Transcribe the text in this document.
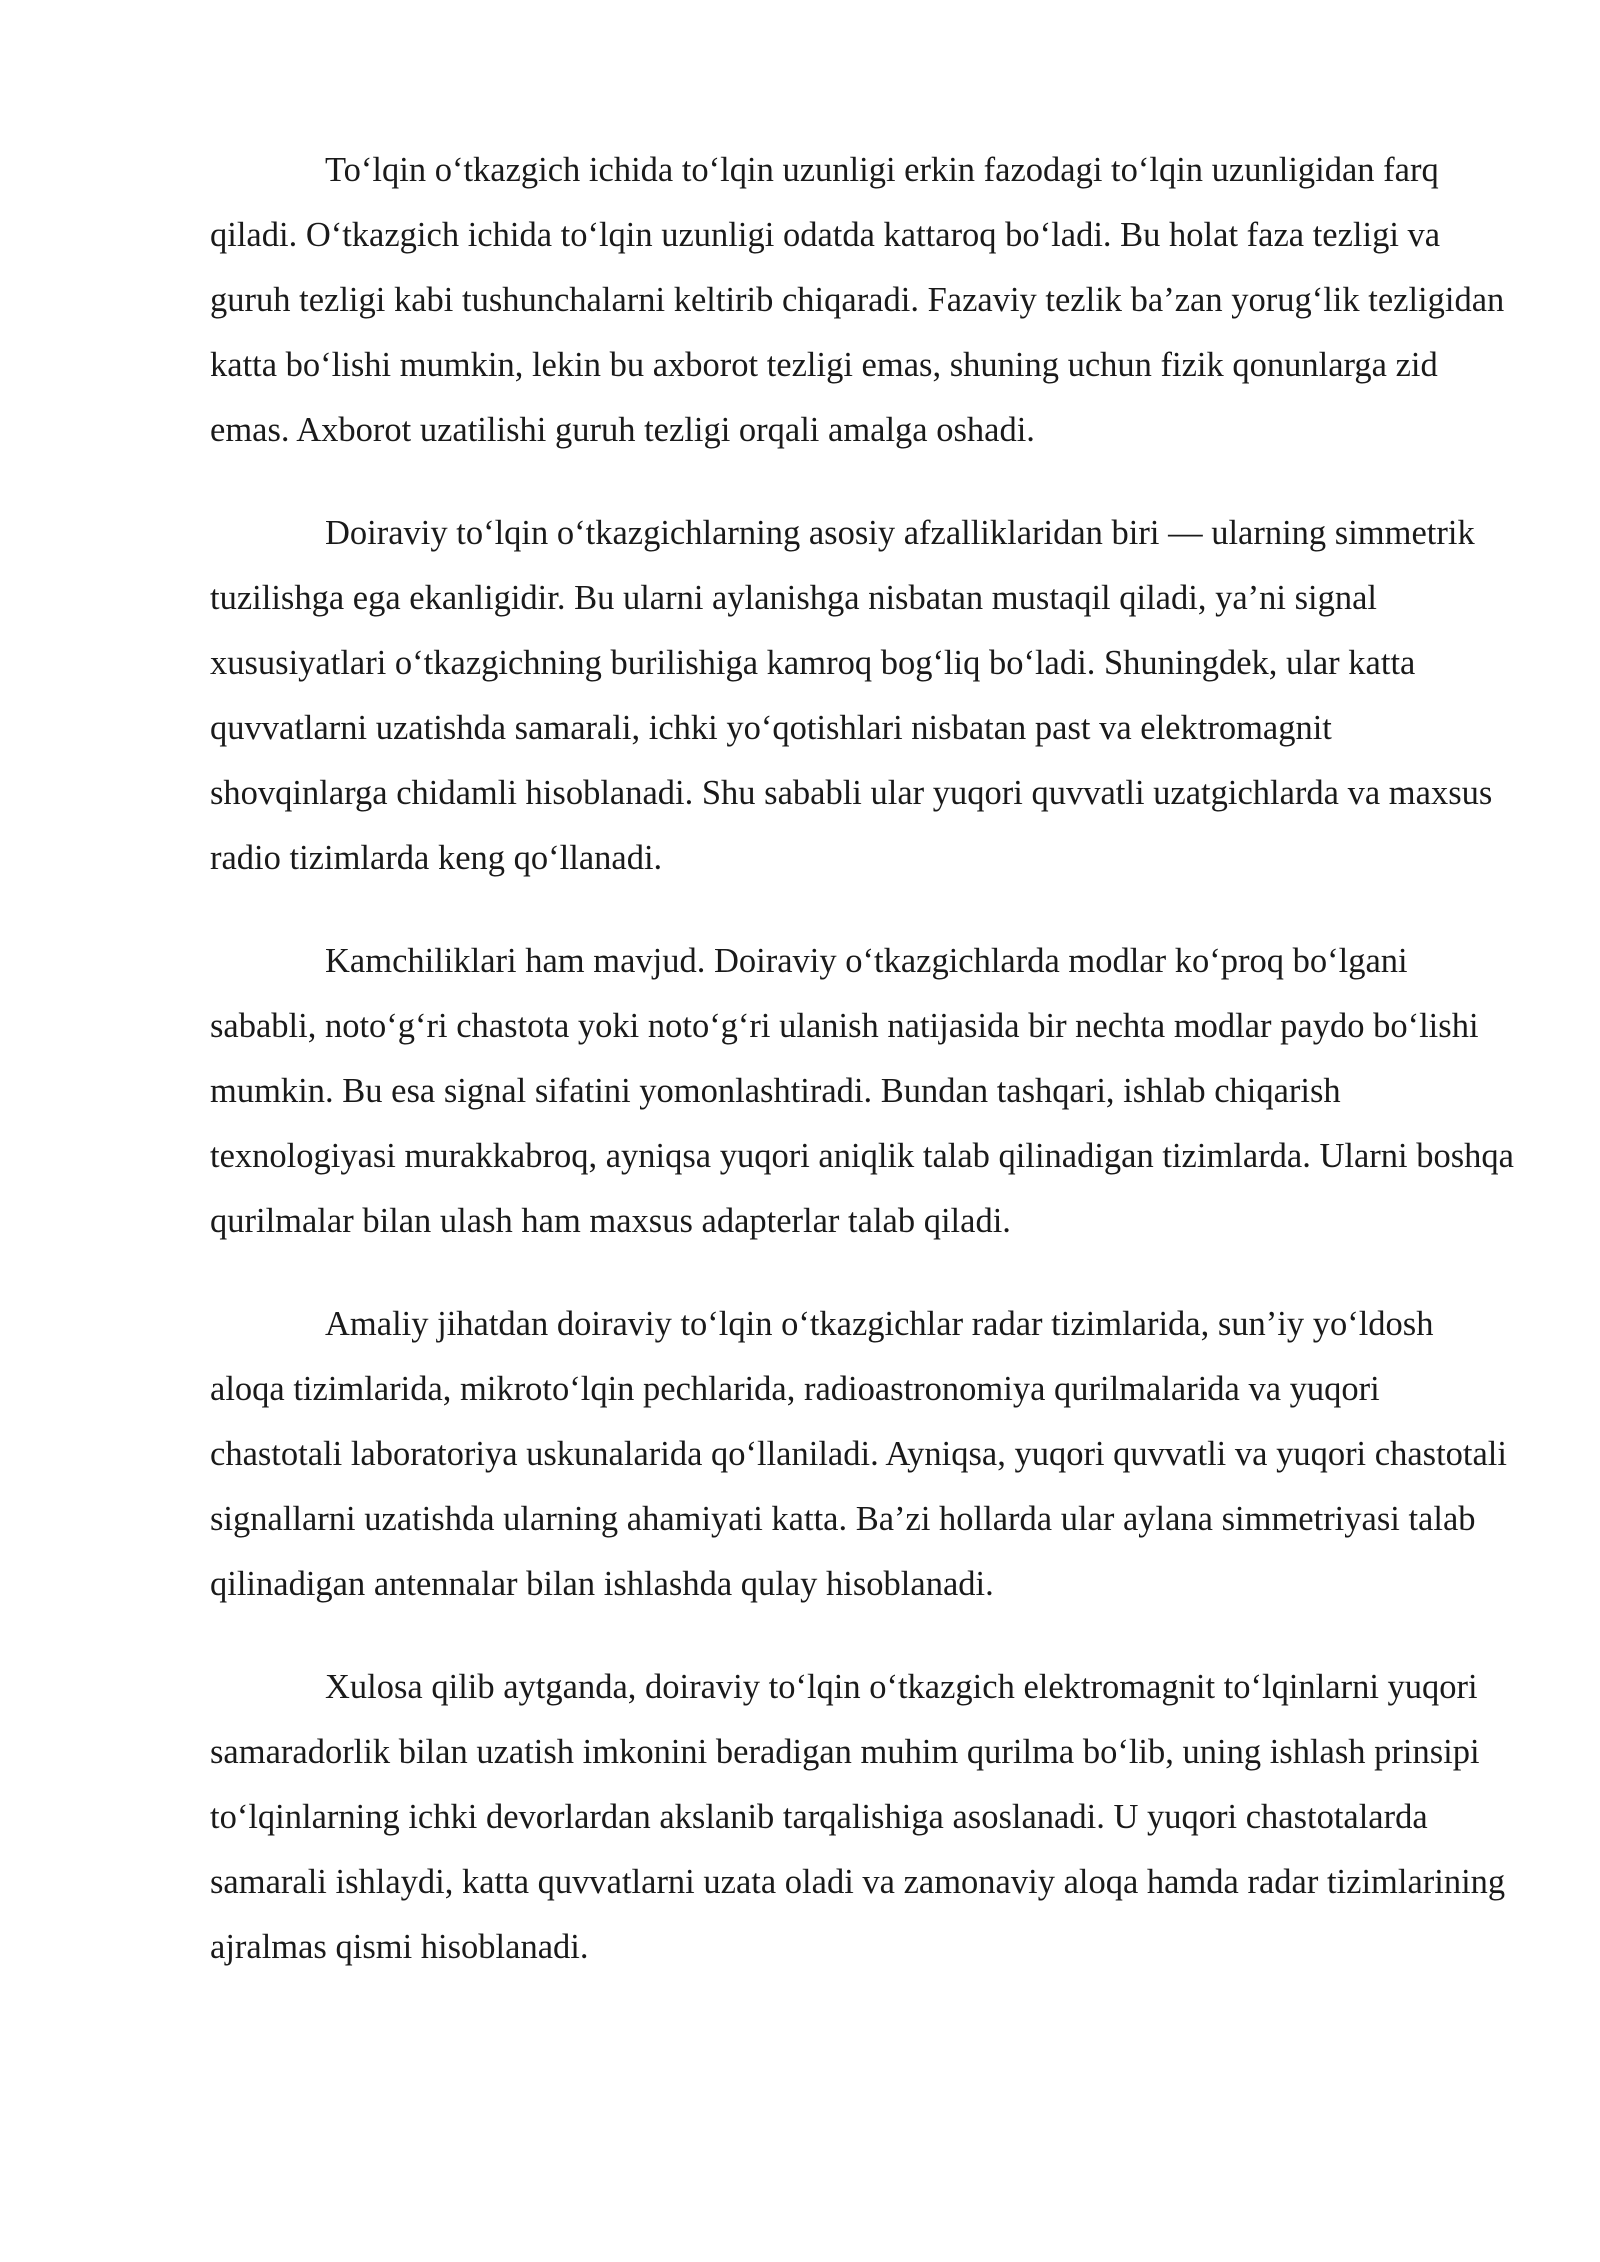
To‘lqin o‘tkazgich ichida to‘lqin uzunligi erkin fazodagi to‘lqin uzunligidan farq qiladi. O‘tkazgich ichida to‘lqin uzunligi odatda kattaroq bo‘ladi. Bu holat faza tezligi va guruh tezligi kabi tushunchalarni keltirib chiqaradi. Fazaviy tezlik ba’zan yorug‘lik tezligidan katta bo‘lishi mumkin, lekin bu axborot tezligi emas, shuning uchun fizik qonunlarga zid emas. Axborot uzatilishi guruh tezligi orqali amalga oshadi.

Doiraviy to‘lqin o‘tkazgichlarning asosiy afzalliklaridan biri — ularning simmetrik tuzilishga ega ekanligidir. Bu ularni aylanishga nisbatan mustaqil qiladi, ya’ni signal xususiyatlari o‘tkazgichning burilishiga kamroq bog‘liq bo‘ladi. Shuningdek, ular katta quvvatlarni uzatishda samarali, ichki yo‘qotishlari nisbatan past va elektromagnit shovqinlarga chidamli hisoblanadi. Shu sababli ular yuqori quvvatli uzatgichlarda va maxsus radio tizimlarda keng qo‘llanadi.

Kamchiliklari ham mavjud. Doiraviy o‘tkazgichlarda modlar ko‘proq bo‘lgani sababli, noto‘g‘ri chastota yoki noto‘g‘ri ulanish natijasida bir nechta modlar paydo bo‘lishi mumkin. Bu esa signal sifatini yomonlashtiradi. Bundan tashqari, ishlab chiqarish texnologiyasi murakkabroq, ayniqsa yuqori aniqlik talab qilinadigan tizimlarda. Ularni boshqa qurilmalar bilan ulash ham maxsus adapterlar talab qiladi.

Amaliy jihatdan doiraviy to‘lqin o‘tkazgichlar radar tizimlarida, sun’iy yo‘ldosh aloqa tizimlarida, mikroto‘lqin pechlarida, radioastronomiya qurilmalarida va yuqori chastotali laboratoriya uskunalarida qo‘llaniladi. Ayniqsa, yuqori quvvatli va yuqori chastotali signallarni uzatishda ularning ahamiyati katta. Ba’zi hollarda ular aylana simmetriyasi talab qilinadigan antennalar bilan ishlashda qulay hisoblanadi.

Xulosa qilib aytganda, doiraviy to‘lqin o‘tkazgich elektromagnit to‘lqinlarni yuqori samaradorlik bilan uzatish imkonini beradigan muhim qurilma bo‘lib, uning ishlash prinsipi to‘lqinlarning ichki devorlardan akslanib tarqalishiga asoslanadi. U yuqori chastotalarda samarali ishlaydi, katta quvvatlarni uzata oladi va zamonaviy aloqa hamda radar tizimlarining ajralmas qismi hisoblanadi.
